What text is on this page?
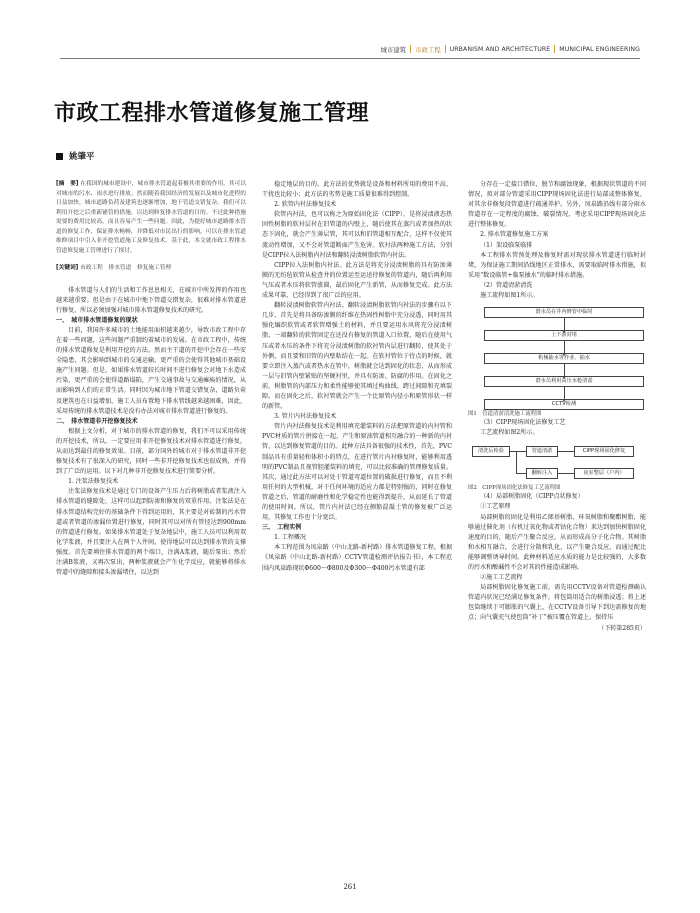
城市建筑 市政工程 URBANISM AND ARCHITECTURE MUNICIPAL ENGINEERING
市政工程排水管道修复施工管理
姚肇平

[摘　要] 在我国的城市建设中，城市排水管道起着极其重要的作用，其可以对城市的污水、雨水进行排放。然而随着我国经济的发展以及城市化进程的日益加快，城市道路负荷及建筑也逐渐增加，地下管道交错复杂。我们可以利用开挖之后重新铺管的措施，以达到修复排水管道的目的。不过此种措施需要的费用比较高，而且容易产生一些问题。因此，为提好城市道路排水管道的修复工作、保证排水畅畅，并降低对市民出行的影响，可以在排水管道维修项目中引入非开挖管道施工及修复技术。基于此，本文就市政工程排水管道修复施工管理进行了探讨。

[关键词] 市政工程　排水管道　修复施工管理

排水管道与人们的生活和工作息息相关，在城市中所发挥的作用也越来越重要。但是由于在城市中地下管道交错复杂，很难对排水管道进行修复，所以必须加强对城市排水管道修复技术的研究。

一、　城市排水管道修复的现状

目前，我国许多城市的土地能用面积越来越少，导致市政工程中存在着一些问题，这些问题严重制约着城市的发展。在市政工程中，传统的排水管道修复是利用开挖的方法。然而主干道的开挖中会存在一些安全隐患，其会影响到城市的交通运输，更严重的会使得其他城市基础设施产生问题。但是，如果排水管道较长时间不进行修复会对地下水造成污染，更严重的会使得道路塌陷，产生交通事故与交通瘫痪的情况，从而影响到人们的正常生活。同时因为城市地下管道交错复杂，道路负荷及建筑也在日益增加，施工人员布置地下排水管线越来越困难，因此，采用传统的排水管道技术是没有办法对城市排水管道进行修复的。

二、　排水管道非开挖修复技术

根据上文分析，对于城市的排水管道的修复，我们不可以采用传统的开挖技术，所以，一定要应用非开挖修复技术对排水管道进行修复，从而达到最佳的修复效果。目前，部分国外的城市对于排水管道非开挖修复技术有了很深入的研究，同时一些非开挖修复技术也很成熟，并得到了广泛的运用。以下对几种非开挖修复技术进行简要分析。

1. 注浆法修复技术

注浆法修复技术是通过专门的设备产生压力后将树脂或者浆液注入排水管道的缝隙处，这样可以起到防渗和修复的双重作用。注浆法是在排水管道结构完好的基础条件下得到运用的，其主要是对砖制的污水管道或者管道的渗漏位置进行修复，同时其可以对所有管径达到900mm的管道进行修复。如果排水管道处于复杂地层中，施工人员可以利用双化学浆液，并且要注入在两个人井间，使得地层可以达到排水管的支撑强度。首先要填住排水管道的两个端口，注满A浆液，随后泵出；然后注满B浆液，又再次泵出，两种浆液就会产生化学反应，就能够将排水管道中的缝隙和接头渗漏堵住，以达到

稳定地层的目的。此方法的优势就是设备和材料所用的费用不高，干扰也比较小；此方法的劣势是施工质量很难得到控制。

2. 软管内衬法修复技术

软管内衬法，也可以称之为原始固化法（CIPP），是将浸渍液态热固性树脂的软衬层衬在旧管道的内壁上，随后使其在蒸汽或者加热的状态下固化，就会产生薄层管，其可以和旧管道相互配合，这样不仅使其流动性增加，又不会对管道断面产生危害。软衬法两种施工方法，分别是CIPP拉入法树脂内衬法和翻转浸渍树脂软管内衬法。

CIPP拉入法树脂内衬法。此方法是将充分浸渍树脂的具有防渗薄膜的无纺毡软管从检查井的位置运至运送待修复的管道内，随后再利用气压或者水压将软管涨圆，最后固化产生新管，从而修复完成。此方法成果可靠，已经得到了很广泛的应用。

翻转浸渍树脂软管内衬法。翻转浸渍树脂软管内衬法的步骤有以下几步。首先是将具备防渗膜的纤维在热固性树脂中充分浸透，同时用其强化编织软管或者软管增强土的材料，并且要运用水风将充分浸渍树脂、一端翻转的软管固定在还没有修复的管道入口位置，随后在使用气压或者水压的条件下将充分浸渍树脂的软衬管内层进行翻转，使其处于外侧，而且要和旧管的内壁粘结在一起。在软衬管位于待点的时候，就要立即注入蒸汽或者热水在管中，树脂就会达到固化的状态，从而形成一层与旧管内壁紧贴的坚硬衬里，并具有防渗、防腐的作用。在固化之前，树脂管的内部压力和柔性能够使其填过构曲线、跨过间隙和充填裂隙。而在固化之后，软衬管就会产生一个比原管内径小和原管形状一样的新管。

3. 管片内衬法修复技术

管片内衬法修复技术是利用填充灌装料的方法把原管道的内衬管和PVC材质的管片拼接在一起，产生和原油管道相互融合的一种新的内衬管，以达到修复管道的目的。此种方法具备很强的技术性，首先，PVC制品具有重量轻和体积小的特点，在进行管片内衬修复时，能够利用透明的PVC制品且视管腔灌装料的填充，可以比较准确的管理修复质量。其次，通过此方法可以对处于管道弯道位置的破损进行修复，而且不利用任何的大型机械，对于任何环境的适应力都是特别强的，同时在修复管道之后，管道的耐磨性和化学稳定性也能得到提升，从而延长了管道的使用时间。所以，管片内衬法已经在侧筋混凝土管的修复被广泛运用，其修复工作也十分宽泛。

三、　工程实例

1. 工程概况

本工程范围为凤泉路（中山北路-新村路）排水管道修复工程，根据《凤泉路（中山北路-新村路）CCTV管道检测评估报告书》，本工程范围内凤泉路现状Φ600～Φ800及Φ300～Φ400污水管道有部

分存在一定接口错位、脱节和腐蚀现象，根据现状管道的不同情况，拟对部分管道采用CIPP现场固化法进行局部或整体修复，对其余非修复段管道进行疏通养护。另外，凤泉路沿线有部分雨水管道存在一定程度的腐蚀、破裂情况，考虑采用CIPP现场固化法进行整体修复。

2. 排水管道修复施工方案

（1）架设临泵临排

本工程排水管预处理及修复时需对现状排水管道进行临时封堵，为保证施工期间沿线地区正常排水，需要取临时排水措施，拟采用“数设临管+临泵抽水”的临时排水措施。

（2）管道清淤清洗

施工流程如图1所示。

潜水员在井内修管中临时
上下游封堵
机械抽水等作业、抽水
潜水员利用高压水枪清淤
CCTV检测

图1　管道清淤清洗施工流程图

（3）CIPP现场固化法修复工艺

工艺流程如图2所示。

清洗后检验	管道清淤	CIPP现场固化修复
翻转注入	夜室整层（户内）

图2　CIPP现场固化法修复工艺流程图

（4）局部树脂固化（CIPP点状修复）

①工艺原理

局部树脂的固化是利用乙烯基树脂、环氧树脂和聚酯树脂，能够通过催化剂（有机过氧化物或者钴化合物）来达到加快树脂固化速度的目的，随后产生聚合反应，从而形成高分子化合物。其树脂和水相互融合，会进行分散和乳化，以产生聚合反应，而通过配比能够调整诱导时间。此种材料适应水质的能力是比较强的，大多数的污水和酸碱性不会对其的性能造成影响。

②施工工艺流程

局部树脂固化修复施工前，需先用CCTV设备对管道检测确认管道内状况已经满足修复条件，将包筒用适合的树脂浸透；将上述包筒继续于可膨胀的气囊上，在CCTV设备引导下到达需修复的地点；向气囊充气使包筒“补丁”被压覆在管道上，保持压

（下转第285页）

261
